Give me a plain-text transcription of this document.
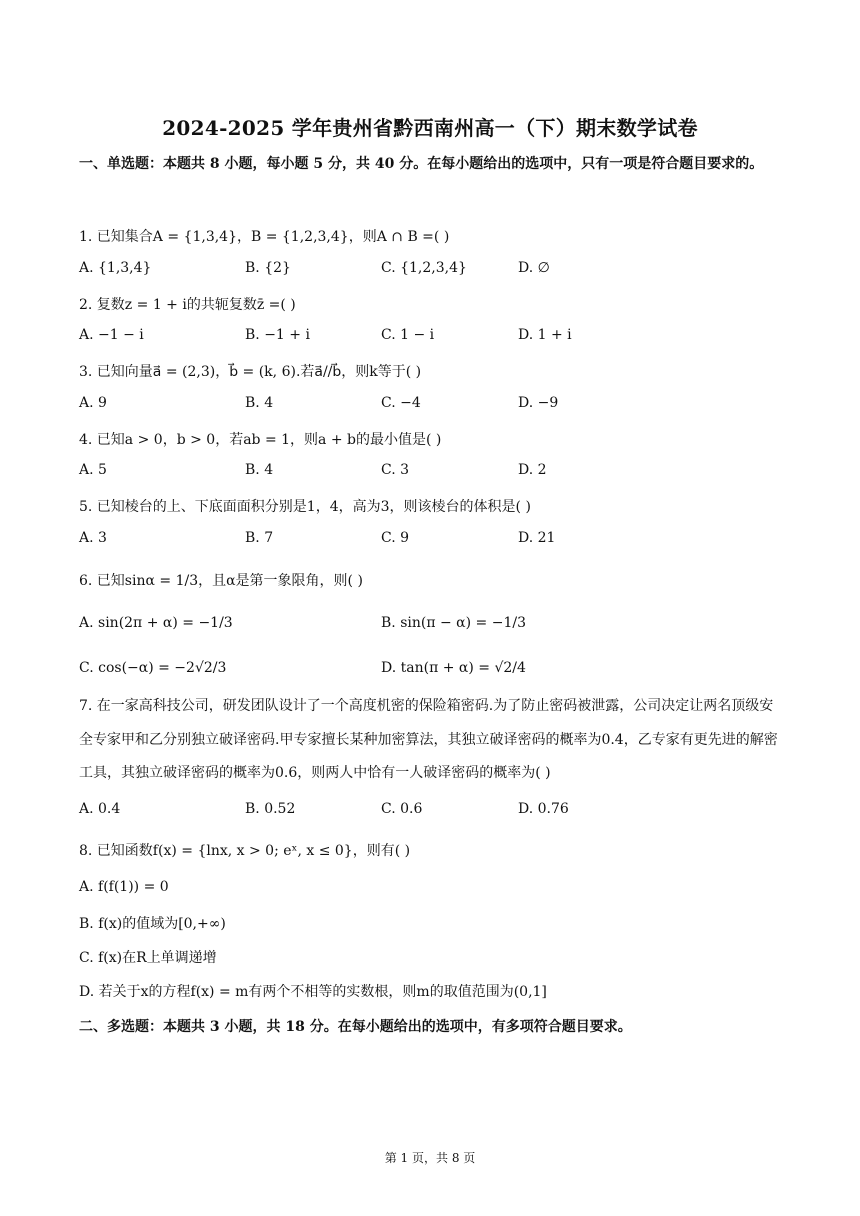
2024-2025 学年贵州省黔西南州高一（下）期末数学试卷
一、单选题：本题共 8 小题，每小题 5 分，共 40 分。在每小题给出的选项中，只有一项是符合题目要求的。
1. 已知集合A = {1,3,4}，B = {1,2,3,4}，则A ∩ B =( )
A. {1,3,4}	B. {2}	C. {1,2,3,4}	D. ∅
2. 复数z = 1 + i的共轭复数z̄ =( )
A. −1 − i	B. −1 + i	C. 1 − i	D. 1 + i
3. 已知向量a⃗ = (2,3)，b⃗ = (k, 6).若a⃗//b⃗，则k等于( )
A. 9	B. 4	C. −4	D. −9
4. 已知a > 0，b > 0，若ab = 1，则a + b的最小值是( )
A. 5	B. 4	C. 3	D. 2
5. 已知棱台的上、下底面面积分别是1，4，高为3，则该棱台的体积是( )
A. 3	B. 7	C. 9	D. 21
6. 已知sinα = 1/3，且α是第一象限角，则( )
A. sin(2π + α) = −1/3	B. sin(π − α) = −1/3
C. cos(−α) = −2√2/3	D. tan(π + α) = √2/4
7. 在一家高科技公司，研发团队设计了一个高度机密的保险箱密码.为了防止密码被泄露，公司决定让两名顶级安全专家甲和乙分别独立破译密码.甲专家擅长某种加密算法，其独立破译密码的概率为0.4，乙专家有更先进的解密工具，其独立破译密码的概率为0.6，则两人中恰有一人破译密码的概率为( )
A. 0.4	B. 0.52	C. 0.6	D. 0.76
8. 已知函数f(x) = {lnx, x > 0; eˣ, x ≤ 0}，则有( )
A. f(f(1)) = 0
B. f(x)的值域为[0,+∞)
C. f(x)在R上单调递增
D. 若关于x的方程f(x) = m有两个不相等的实数根，则m的取值范围为(0,1]
二、多选题：本题共 3 小题，共 18 分。在每小题给出的选项中，有多项符合题目要求。
第 1 页，共 8 页
